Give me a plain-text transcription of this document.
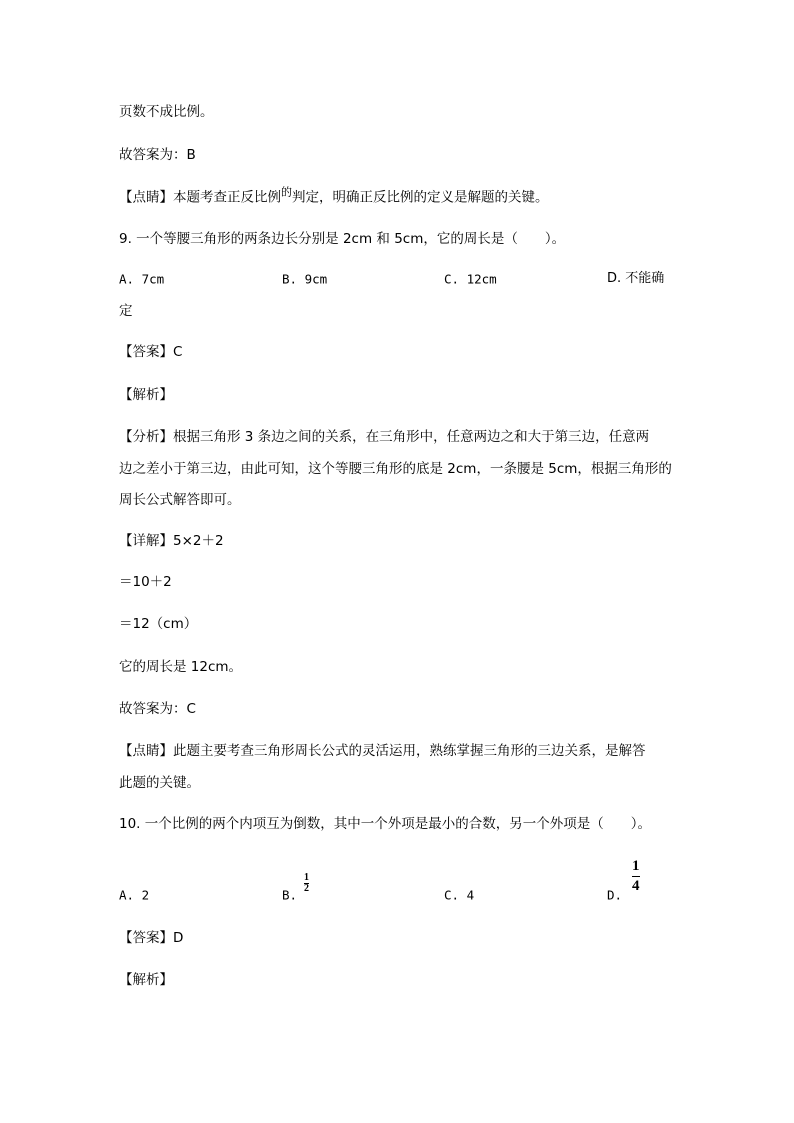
页数不成比例。
故答案为：B
【点睛】本题考查正反比例$^的$判定，明确正反比例的定义是解题的关键。
9. 一个等腰三角形的两条边长分别是 2cm 和 5cm，它的周长是（　　）。
A. 7cm	B. 9cm	C. 12cm	D. 不能确
定
【答案】C
【解析】
【分析】根据三角形 3 条边之间的关系，在三角形中，任意两边之和大于第三边，任意两
边之差小于第三边，由此可知，这个等腰三角形的底是 2cm，一条腰是 5cm，根据三角形的
周长公式解答即可。
【详解】5×2＋2
＝10＋2
＝12（cm）
它的周长是 12cm。
故答案为：C
【点睛】此题主要考查三角形周长公式的灵活运用，熟练掌握三角形的三边关系，是解答
此题的关键。
10. 一个比例的两个内项互为倒数，其中一个外项是最小的合数，另一个外项是（　　）。
A. 2	B.
1
2	C. 4	D.
1
4
【答案】D
【解析】
